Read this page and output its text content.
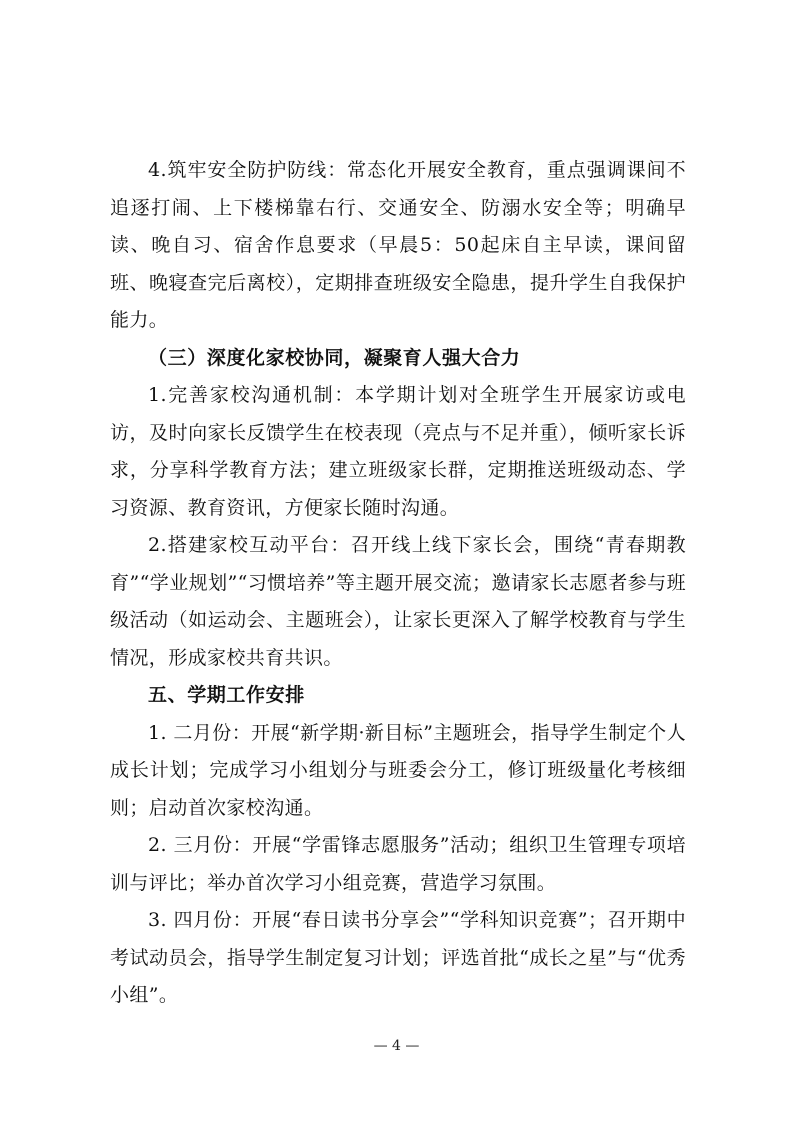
4.筑牢安全防护防线：常态化开展安全教育，重点强调课间不追逐打闹、上下楼梯靠右行、交通安全、防溺水安全等；明确早读、晚自习、宿舍作息要求（早晨5：50起床自主早读，课间留班、晚寝查完后离校），定期排查班级安全隐患，提升学生自我保护能力。

（三）深度化家校协同，凝聚育人强大合力

1.完善家校沟通机制：本学期计划对全班学生开展家访或电访，及时向家长反馈学生在校表现（亮点与不足并重），倾听家长诉求，分享科学教育方法；建立班级家长群，定期推送班级动态、学习资源、教育资讯，方便家长随时沟通。

2.搭建家校互动平台：召开线上线下家长会，围绕“青春期教育”“学业规划”“习惯培养”等主题开展交流；邀请家长志愿者参与班级活动（如运动会、主题班会），让家长更深入了解学校教育与学生情况，形成家校共育共识。

五、学期工作安排

1. 二月份：开展“新学期·新目标”主题班会，指导学生制定个人成长计划；完成学习小组划分与班委会分工，修订班级量化考核细则；启动首次家校沟通。

2. 三月份：开展“学雷锋志愿服务”活动；组织卫生管理专项培训与评比；举办首次学习小组竞赛，营造学习氛围。

3. 四月份：开展“春日读书分享会”“学科知识竞赛”；召开期中考试动员会，指导学生制定复习计划；评选首批“成长之星”与“优秀小组”。

— 4 —
